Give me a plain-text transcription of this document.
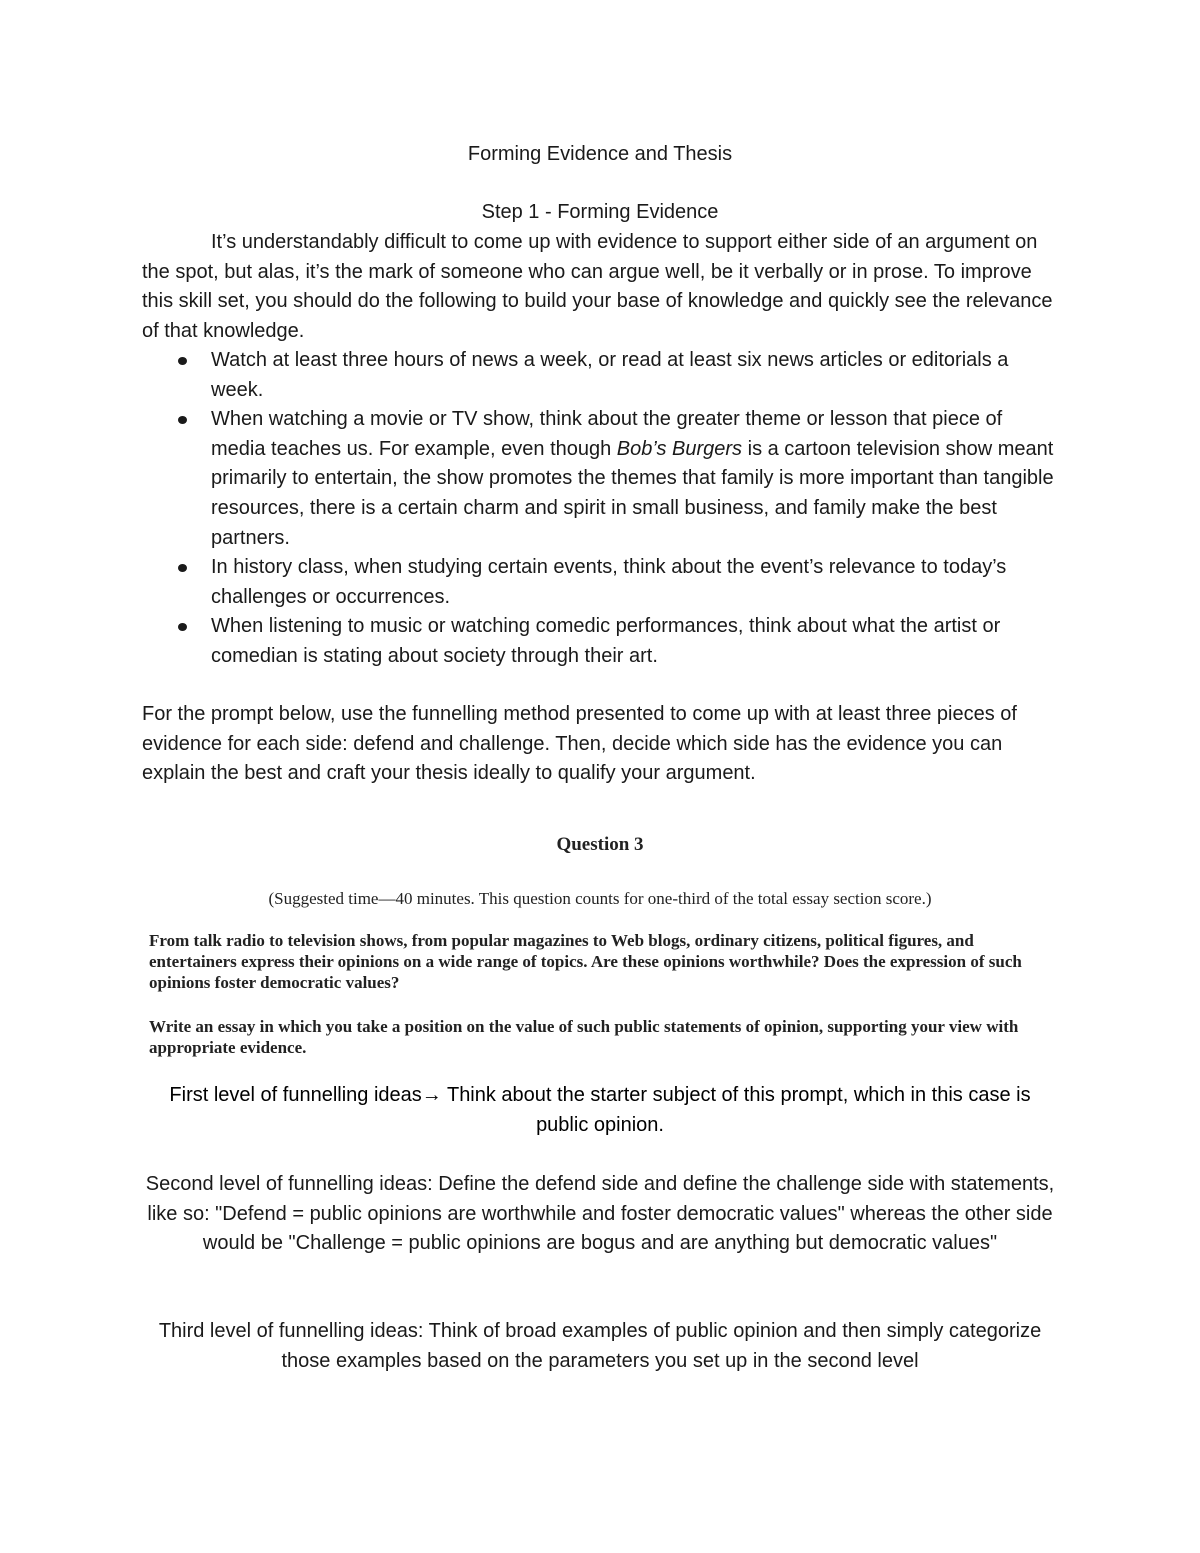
Forming Evidence and Thesis

Step 1 - Forming Evidence

It’s understandably difficult to come up with evidence to support either side of an argument on the spot, but alas, it’s the mark of someone who can argue well, be it verbally or in prose. To improve this skill set, you should do the following to build your base of knowledge and quickly see the relevance of that knowledge.

Watch at least three hours of news a week, or read at least six news articles or editorials a week.
When watching a movie or TV show, think about the greater theme or lesson that piece of media teaches us. For example, even though Bob’s Burgers is a cartoon television show meant primarily to entertain, the show promotes the themes that family is more important than tangible resources, there is a certain charm and spirit in small business, and family make the best partners.
In history class, when studying certain events, think about the event’s relevance to today’s challenges or occurrences.
When listening to music or watching comedic performances, think about what the artist or comedian is stating about society through their art.

For the prompt below, use the funnelling method presented to come up with at least three pieces of evidence for each side: defend and challenge. Then, decide which side has the evidence you can explain the best and craft your thesis ideally to qualify your argument.

Question 3

(Suggested time—40 minutes. This question counts for one-third of the total essay section score.)

From talk radio to television shows, from popular magazines to Web blogs, ordinary citizens, political figures, and entertainers express their opinions on a wide range of topics. Are these opinions worthwhile? Does the expression of such opinions foster democratic values?

Write an essay in which you take a position on the value of such public statements of opinion, supporting your view with appropriate evidence.

First level of funnelling ideas→ Think about the starter subject of this prompt, which in this case is public opinion.

Second level of funnelling ideas: Define the defend side and define the challenge side with statements, like so: "Defend = public opinions are worthwhile and foster democratic values" whereas the other side would be "Challenge = public opinions are bogus and are anything but democratic values"

Third level of funnelling ideas: Think of broad examples of public opinion and then simply categorize those examples based on the parameters you set up in the second level
